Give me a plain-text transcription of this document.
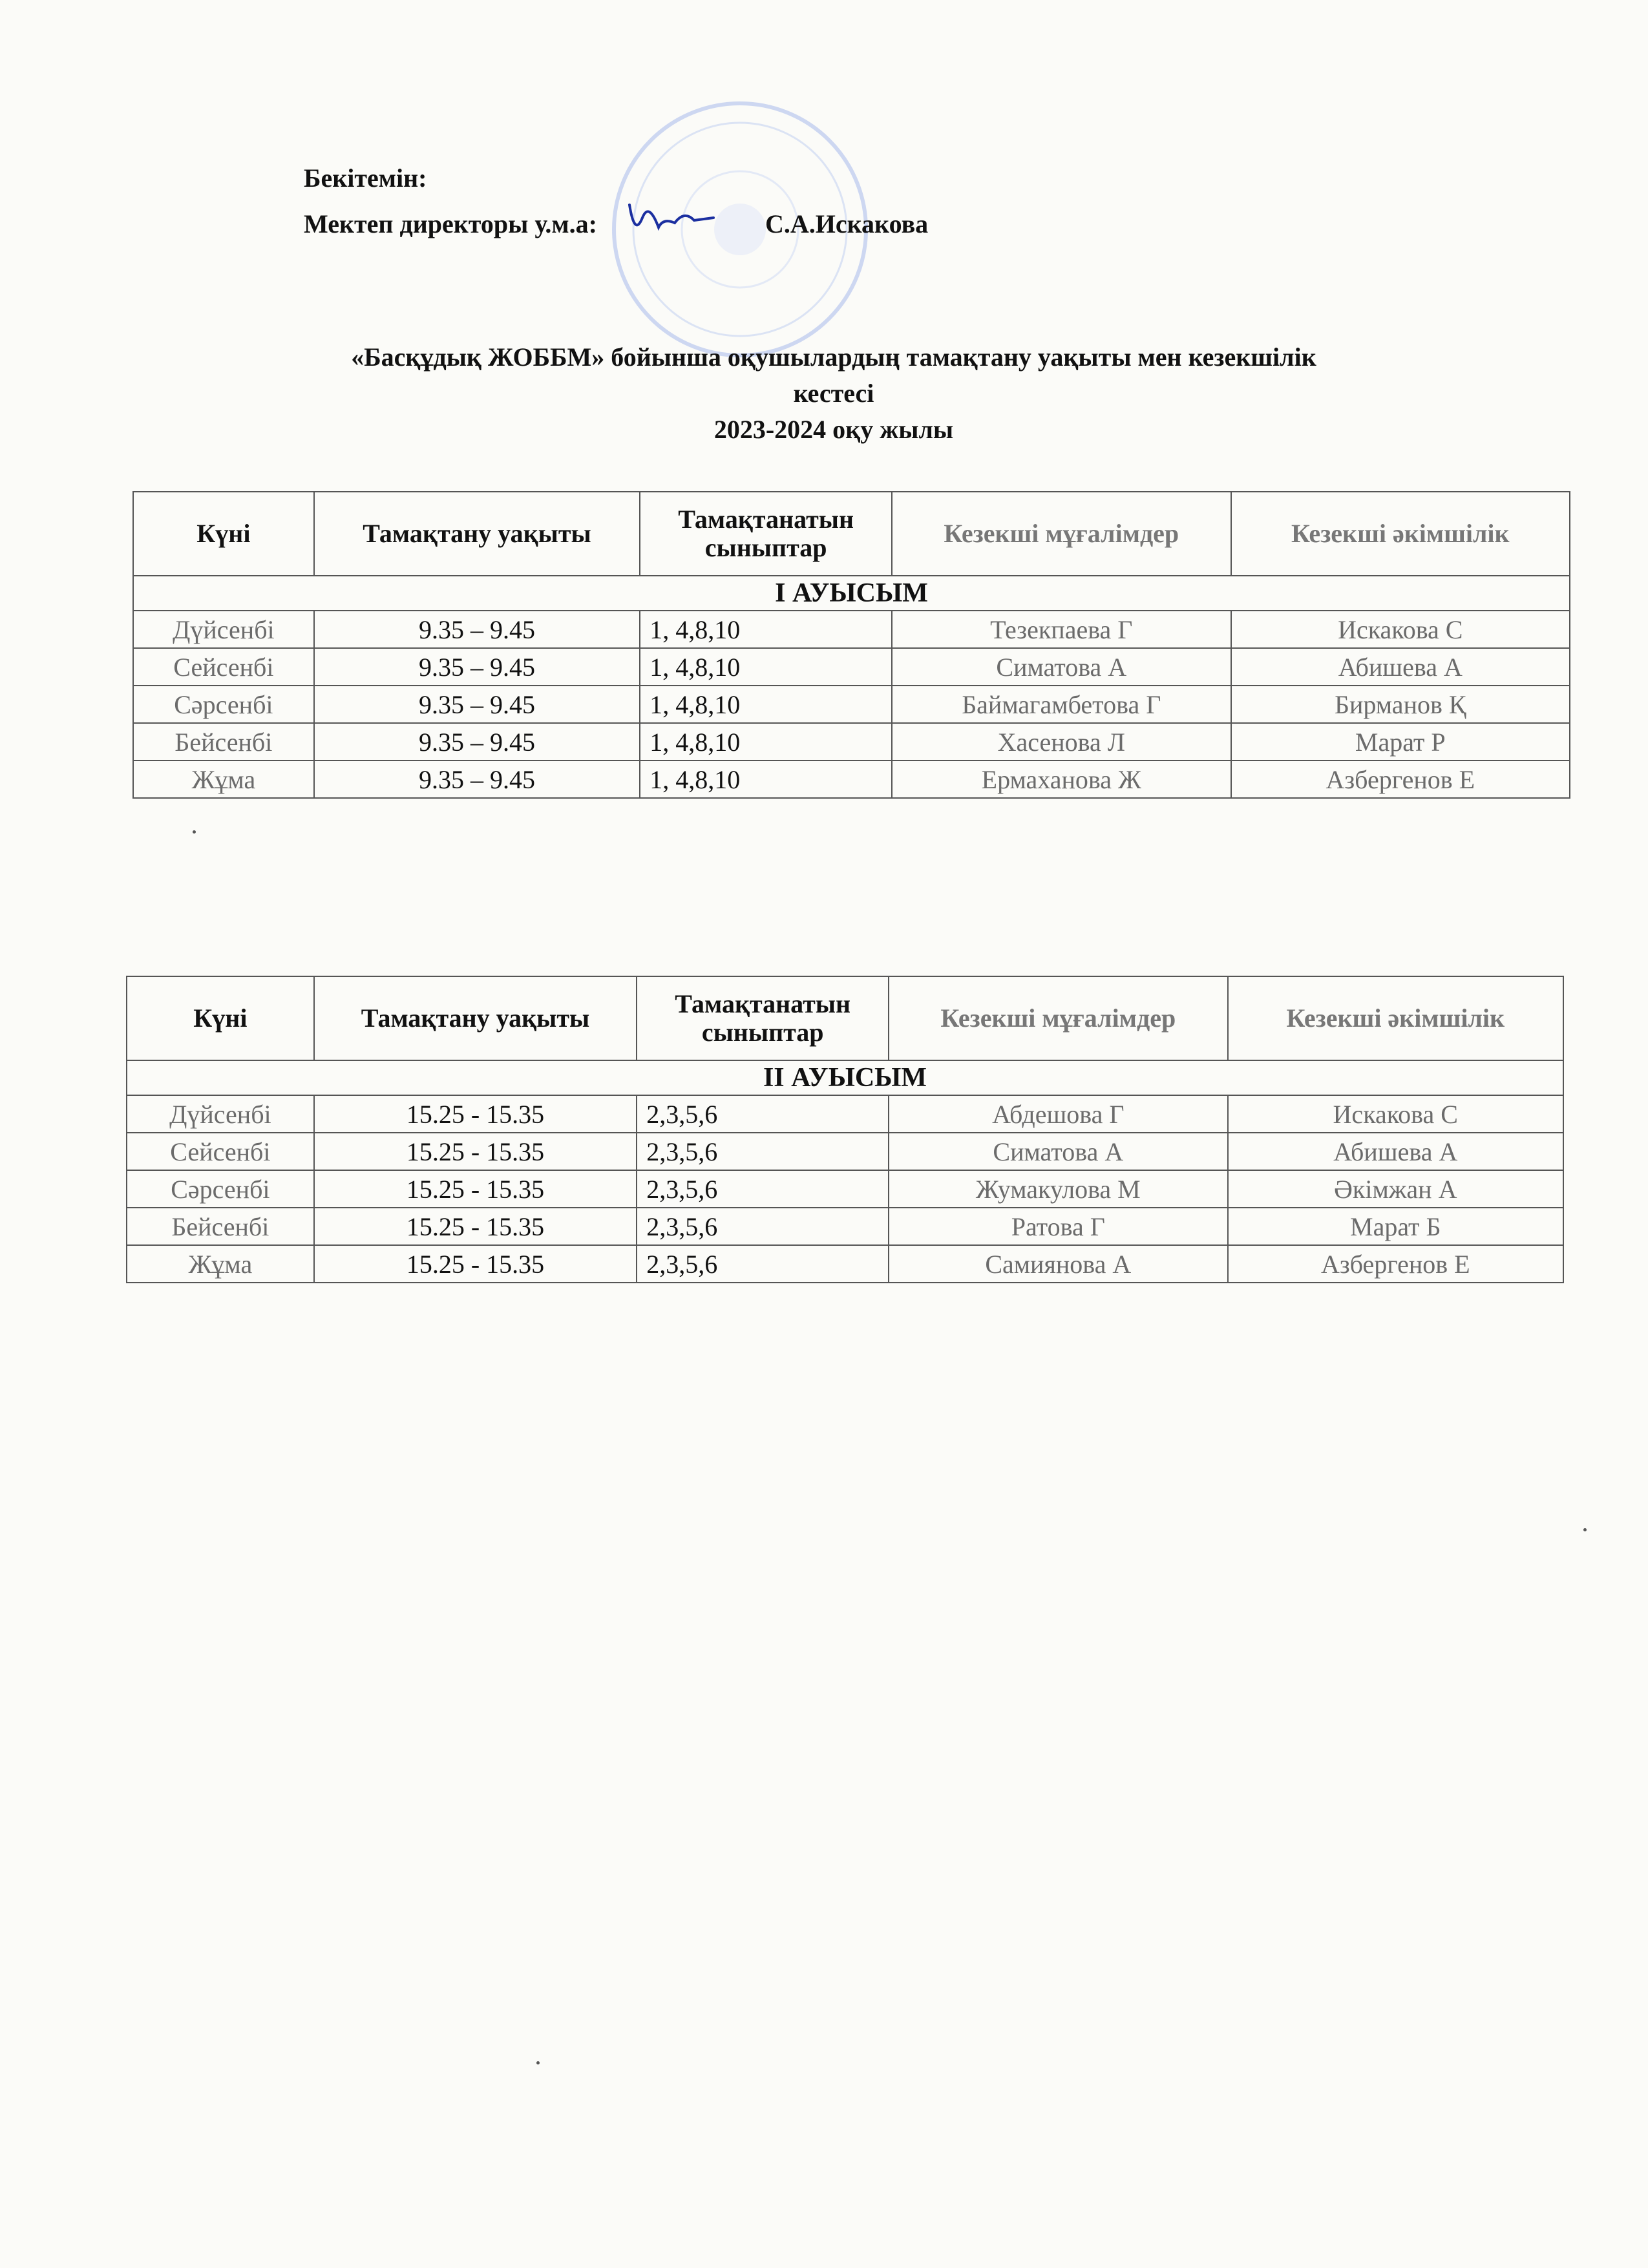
Бекітемін:
Мектеп директоры у.м.а:	С.А.Искакова
«Басқұдық ЖОББМ» бойынша оқушылардың тамақтану уақыты мен кезекшілік
кестесі
2023-2024 оқу жылы
Күні	Тамақтану уақыты	Тамақтанатын сыныптар	Кезекші мұғалімдер	Кезекші әкімшілік
І АУЫСЫМ				
Дүйсенбі	9.35 – 9.45	1, 4,8,10	Тезекпаева Г	Искакова С
Сейсенбі	9.35 – 9.45	1, 4,8,10	Симатова А	Абишева А
Сәрсенбі	9.35 – 9.45	1, 4,8,10	Баймагамбетова Г	Бирманов Қ
Бейсенбі	9.35 – 9.45	1, 4,8,10	Хасенова Л	Марат Р
Жұма	9.35 – 9.45	1, 4,8,10	Ермаханова Ж	Азбергенов Е
Күні	Тамақтану уақыты	Тамақтанатын сыныптар	Кезекші мұғалімдер	Кезекші әкімшілік
ІІ АУЫСЫМ				
Дүйсенбі	15.25 - 15.35	2,3,5,6	Абдешова Г	Искакова С
Сейсенбі	15.25 - 15.35	2,3,5,6	Симатова А	Абишева А
Сәрсенбі	15.25 - 15.35	2,3,5,6	Жумакулова М	Әкімжан А
Бейсенбі	15.25 - 15.35	2,3,5,6	Ратова Г	Марат Б
Жұма	15.25 - 15.35	2,3,5,6	Самиянова А	Азбергенов Е
